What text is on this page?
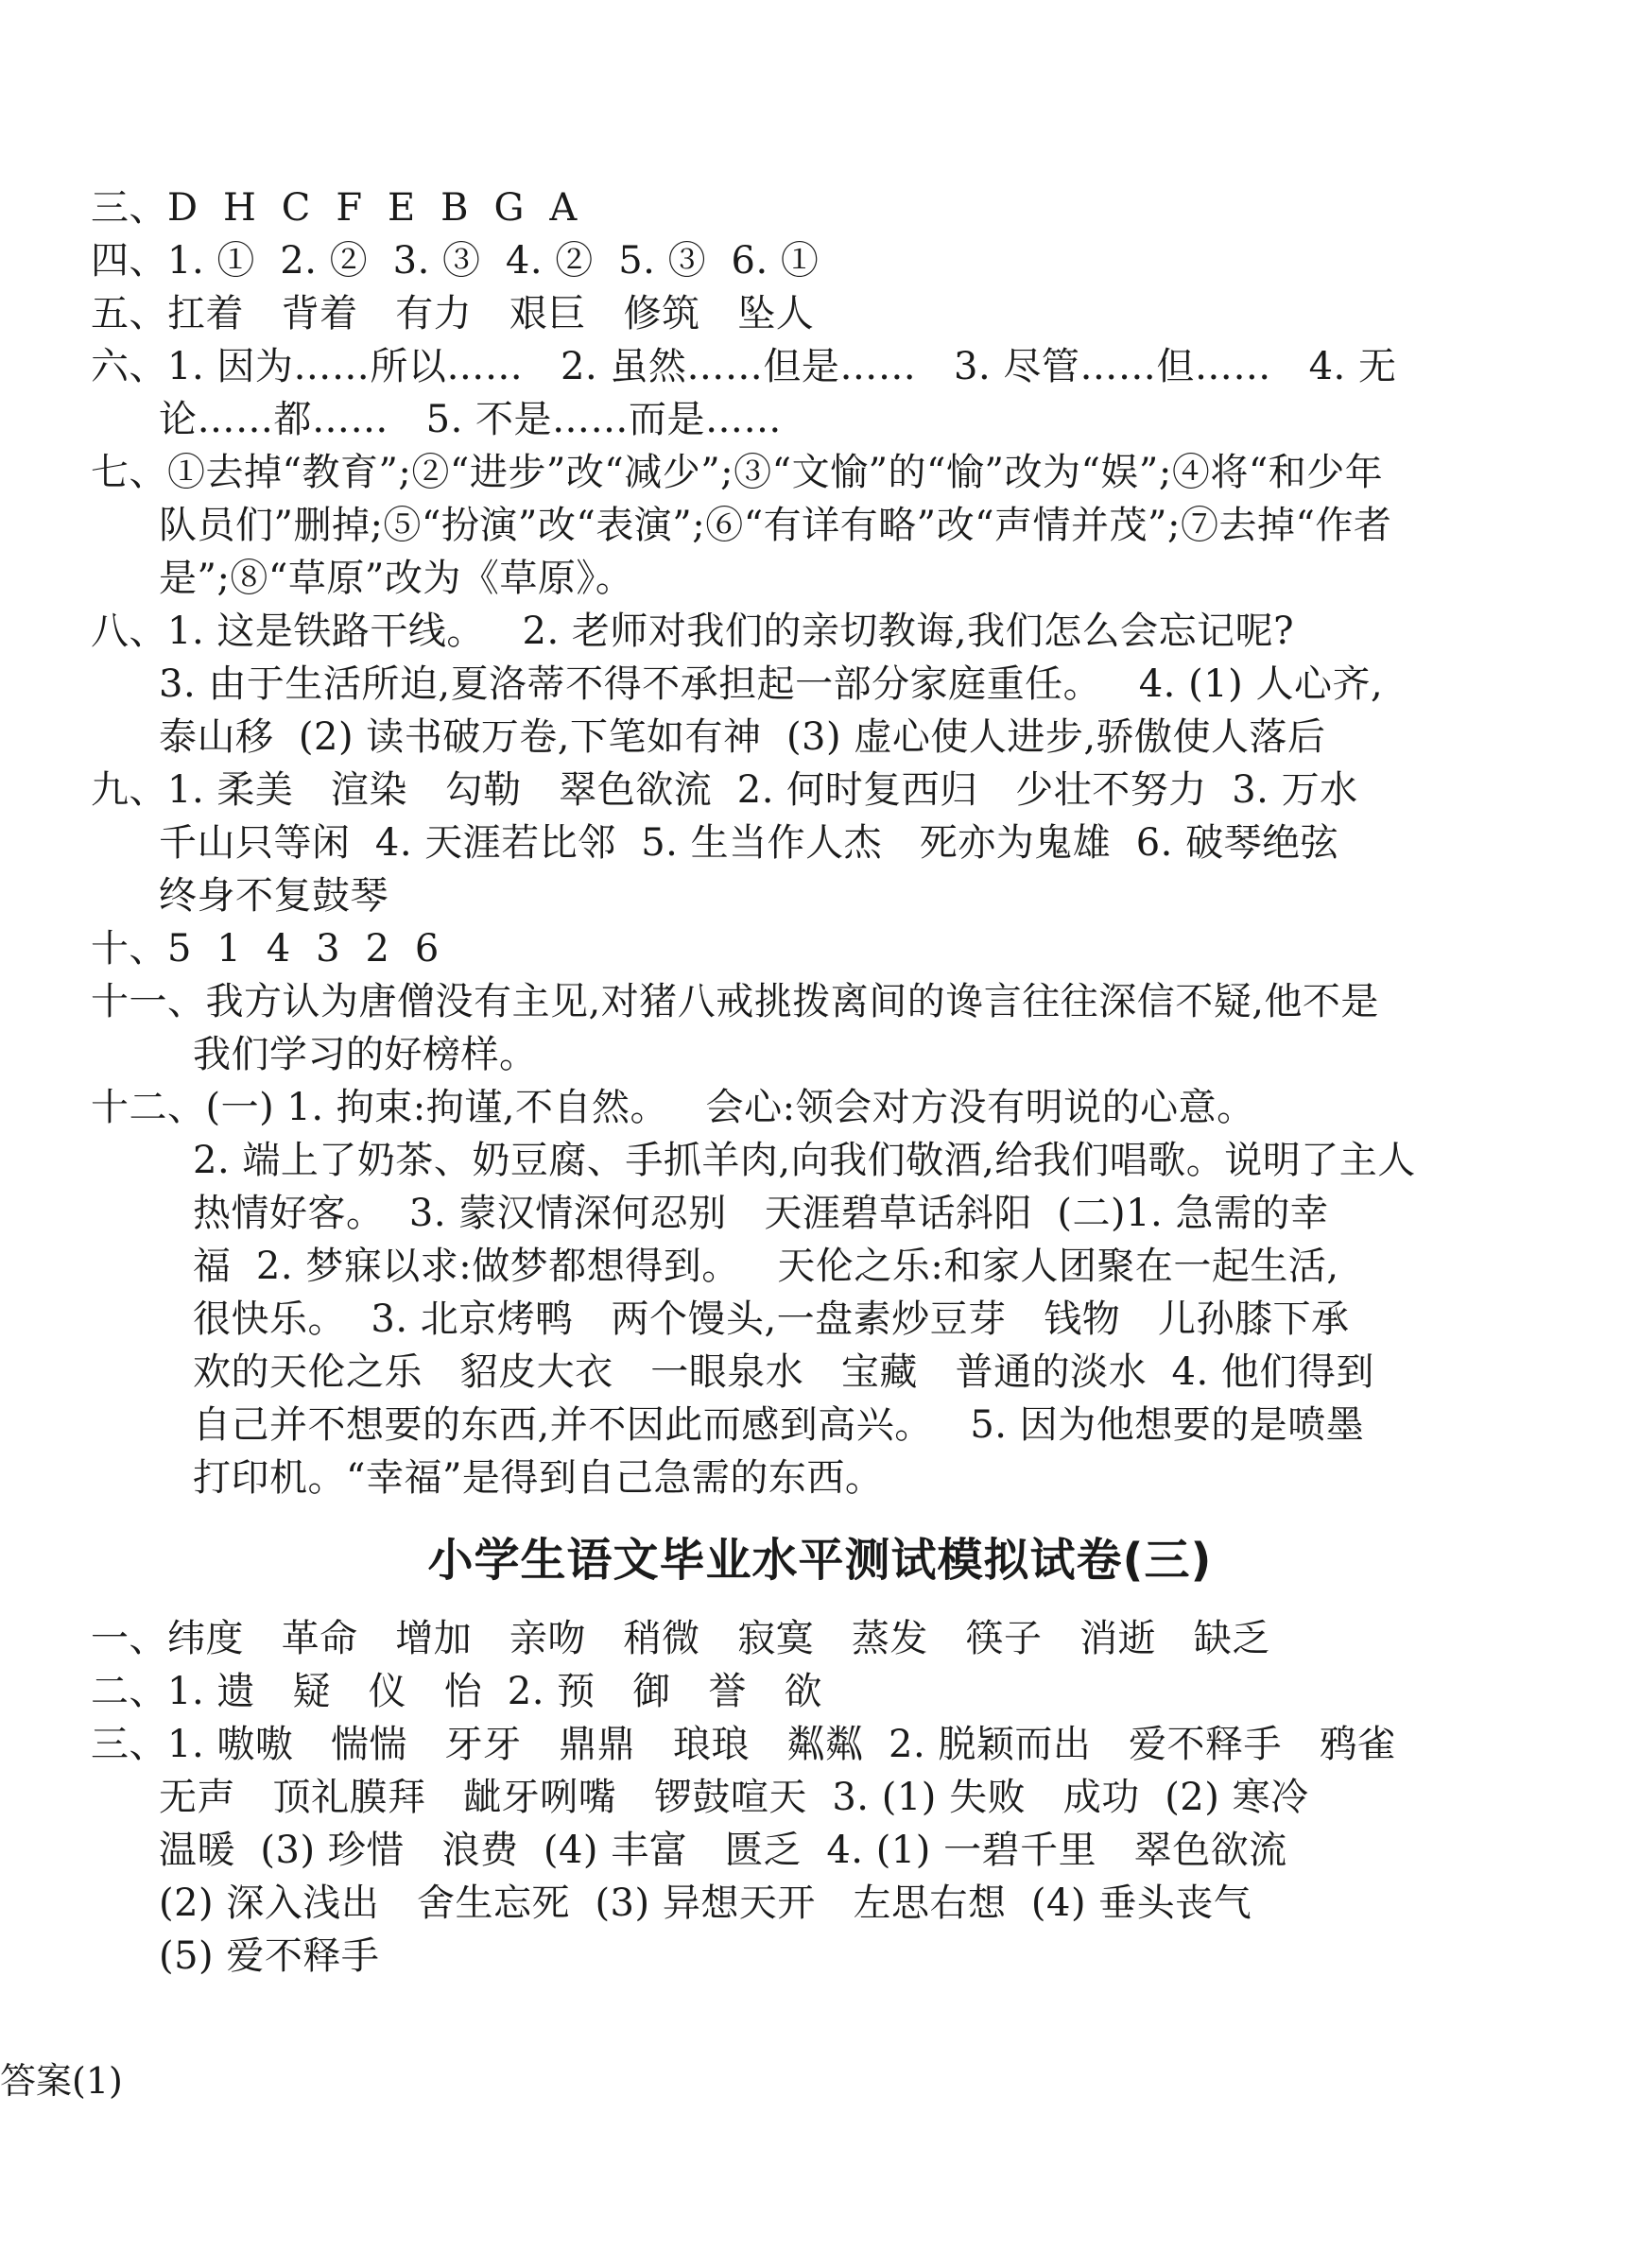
三、D  H  C  F  E  B  G  A
四、1. ①  2. ②  3. ③  4. ②  5. ③  6. ①
五、扛着   背着   有力   艰巨   修筑   坠人
六、1. 因为……所以……   2. 虽然……但是……   3. 尽管……但……   4. 无
论……都……   5. 不是……而是……
七、①去掉“教育”;②“进步”改“减少”;③“文愉”的“愉”改为“娱”;④将“和少年
队员们”删掉;⑤“扮演”改“表演”;⑥“有详有略”改“声情并茂”;⑦去掉“作者
是”;⑧“草原”改为《草原》。
八、1. 这是铁路干线。   2. 老师对我们的亲切教诲,我们怎么会忘记呢?
3. 由于生活所迫,夏洛蒂不得不承担起一部分家庭重任。   4. (1) 人心齐,
泰山移  (2) 读书破万卷,下笔如有神  (3) 虚心使人进步,骄傲使人落后
九、1. 柔美   渲染   勾勒   翠色欲流  2. 何时复西归   少壮不努力  3. 万水
千山只等闲  4. 天涯若比邻  5. 生当作人杰   死亦为鬼雄  6. 破琴绝弦
终身不复鼓琴
十、5  1  4  3  2  6
十一、我方认为唐僧没有主见,对猪八戒挑拨离间的谗言往往深信不疑,他不是
我们学习的好榜样。
十二、(一) 1. 拘束:拘谨,不自然。   会心:领会对方没有明说的心意。
2. 端上了奶茶、奶豆腐、手抓羊肉,向我们敬酒,给我们唱歌。说明了主人
热情好客。  3. 蒙汉情深何忍别   天涯碧草话斜阳  (二)1. 急需的幸
福  2. 梦寐以求:做梦都想得到。   天伦之乐:和家人团聚在一起生活,
很快乐。  3. 北京烤鸭   两个馒头,一盘素炒豆芽   钱物   儿孙膝下承
欢的天伦之乐   貂皮大衣   一眼泉水   宝藏   普通的淡水  4. 他们得到
自己并不想要的东西,并不因此而感到高兴。   5. 因为他想要的是喷墨
打印机。“幸福”是得到自己急需的东西。
小学生语文毕业水平测试模拟试卷(三)
一、纬度   革命   增加   亲吻   稍微   寂寞   蒸发   筷子   消逝   缺乏
二、1. 遗   疑   仪   怡  2. 预   御   誉   欲
三、1. 嗷嗷   惴惴   牙牙   鼎鼎   琅琅   粼粼  2. 脱颖而出   爱不释手   鸦雀
无声   顶礼膜拜   龇牙咧嘴   锣鼓喧天  3. (1) 失败   成功  (2) 寒冷
温暖  (3) 珍惜   浪费  (4) 丰富   匮乏  4. (1) 一碧千里   翠色欲流
(2) 深入浅出   舍生忘死  (3) 异想天开   左思右想  (4) 垂头丧气
(5) 爱不释手
答案(1)
